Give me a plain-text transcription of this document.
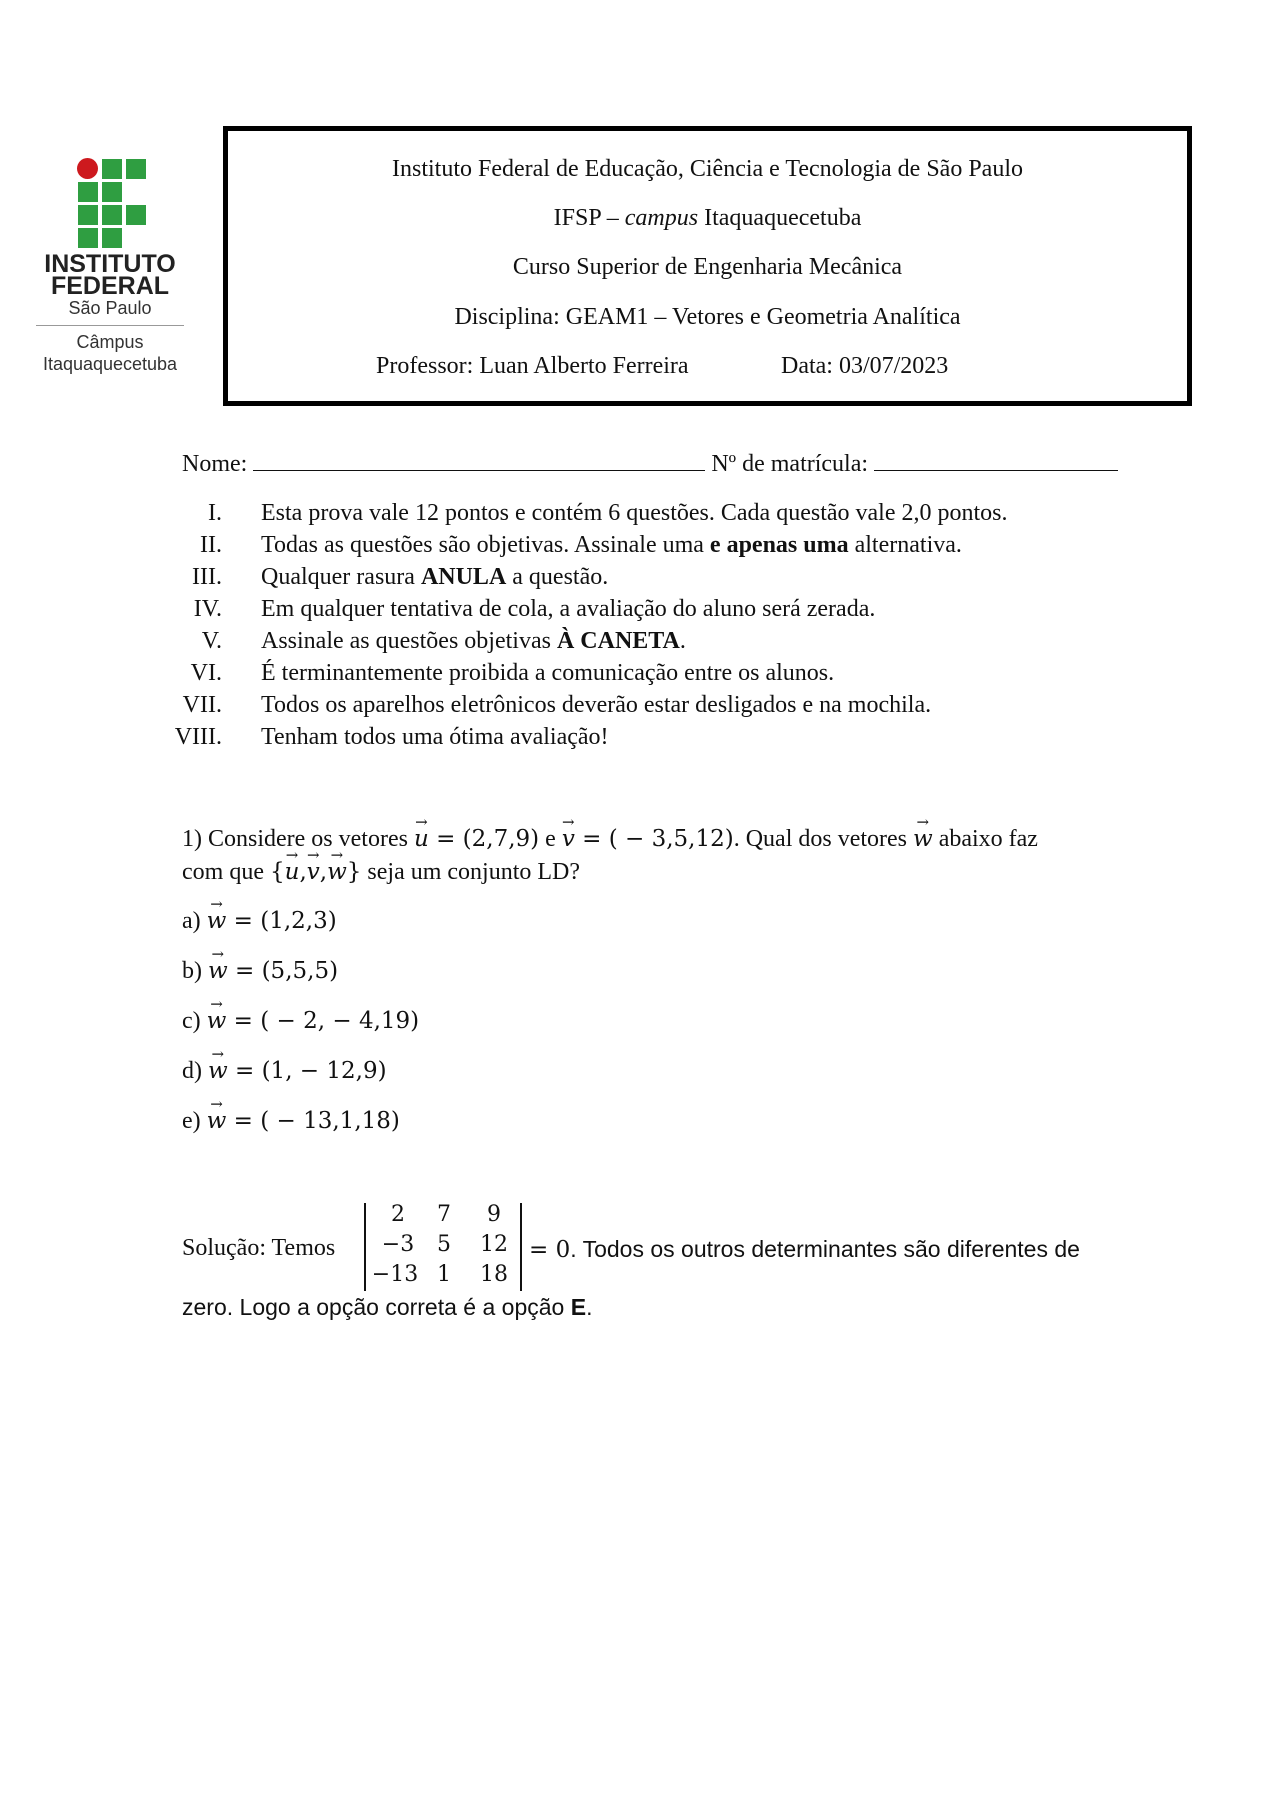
INSTITUTO
FEDERAL
São Paulo
Câmpus
Itaquaquecetuba
Instituto Federal de Educação, Ciência e Tecnologia de São Paulo
IFSP – campus Itaquaquecetuba
Curso Superior de Engenharia Mecânica
Disciplina: GEAM1 – Vetores e Geometria Analítica
Professor: Luan Alberto Ferreira	Data: 03/07/2023
Nome:	Nº de matrícula:
I. Esta prova vale 12 pontos e contém 6 questões. Cada questão vale 2,0 pontos.
II. Todas as questões são objetivas. Assinale uma e apenas uma alternativa.
III. Qualquer rasura ANULA a questão.
IV. Em qualquer tentativa de cola, a avaliação do aluno será zerada.
V. Assinale as questões objetivas À CANETA.
VI. É terminantemente proibida a comunicação entre os alunos.
VII. Todos os aparelhos eletrônicos deverão estar desligados e na mochila.
VIII. Tenham todos uma ótima avaliação!
1) Considere os vetores → u = (2,7,9) e → v = ( − 3,5,12). Qual dos vetores → w abaixo faz
com que {→ u,→ v,→ w} seja um conjunto LD?
a) → w = (1,2,3)
b) → w = (5,5,5)
c) → w = ( − 2, − 4,19)
d) → w = (1, − 12,9)
e) → w = ( − 13,1,18)
Solução: Temos
2	7	9
−3	5	12
−13 1	18
= 0. Todos os outros determinantes são diferentes de
zero. Logo a opção correta é a opção E.
